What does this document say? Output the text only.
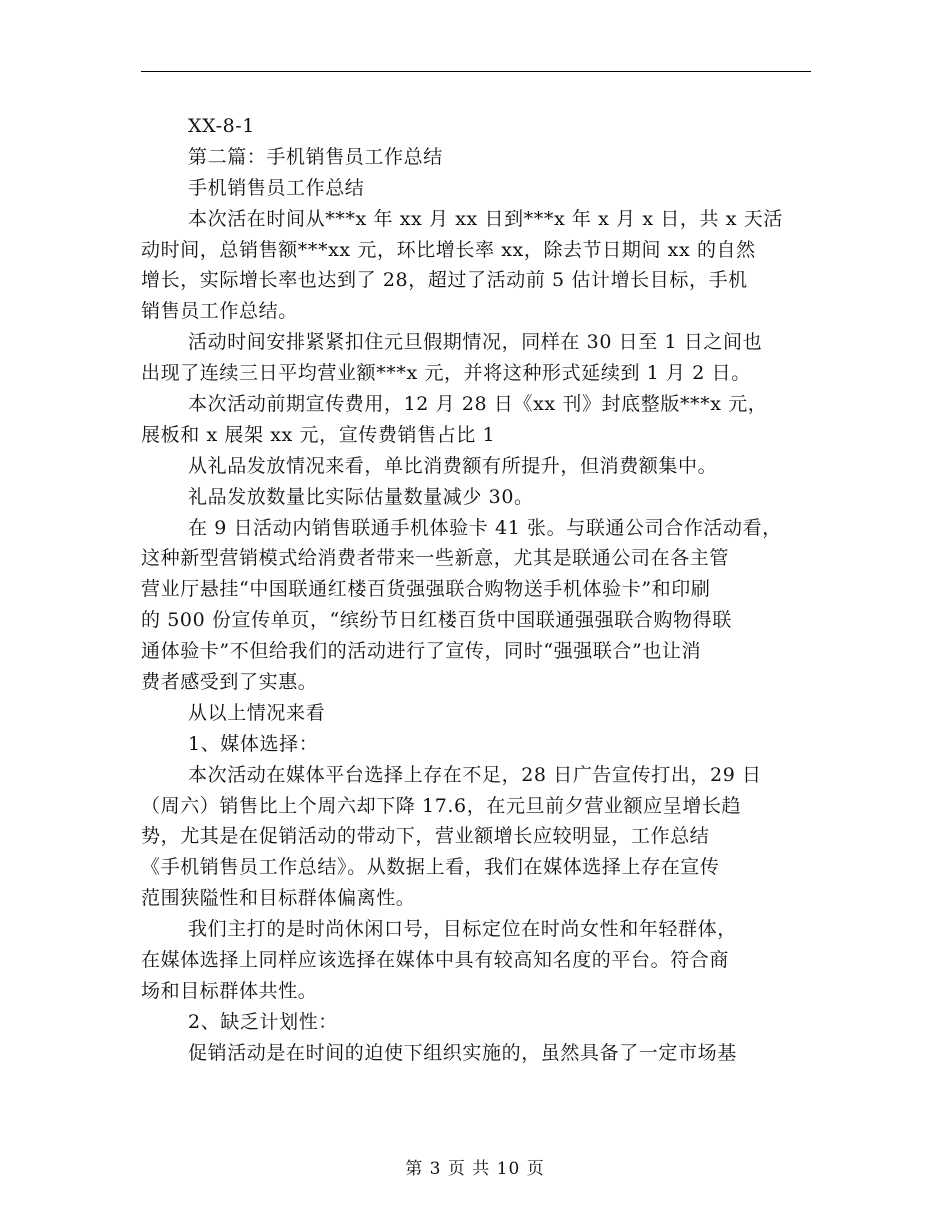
XX-8-1
第二篇：手机销售员工作总结
手机销售员工作总结
本次活在时间从***x 年 xx 月 xx 日到***x 年 x 月 x 日，共 x 天活
动时间，总销售额***xx 元，环比增长率 xx，除去节日期间 xx 的自然
增长，实际增长率也达到了 28，超过了活动前 5 估计增长目标，手机
销售员工作总结。
活动时间安排紧紧扣住元旦假期情况，同样在 30 日至 1 日之间也
出现了连续三日平均营业额***x 元，并将这种形式延续到 1 月 2 日。
本次活动前期宣传费用，12 月 28 日《xx 刊》封底整版***x 元，
展板和 x 展架 xx 元，宣传费销售占比 1
从礼品发放情况来看，单比消费额有所提升，但消费额集中。
礼品发放数量比实际估量数量减少 30。
在 9 日活动内销售联通手机体验卡 41 张。与联通公司合作活动看，
这种新型营销模式给消费者带来一些新意，尤其是联通公司在各主管
营业厅悬挂“中国联通红楼百货强强联合购物送手机体验卡”和印刷
的 500 份宣传单页，“缤纷节日红楼百货中国联通强强联合购物得联
通体验卡”不但给我们的活动进行了宣传，同时“强强联合”也让消
费者感受到了实惠。
从以上情况来看
1、媒体选择：
本次活动在媒体平台选择上存在不足，28 日广告宣传打出，29 日
（周六）销售比上个周六却下降 17.6，在元旦前夕营业额应呈增长趋
势，尤其是在促销活动的带动下，营业额增长应较明显，工作总结
《手机销售员工作总结》。从数据上看，我们在媒体选择上存在宣传
范围狭隘性和目标群体偏离性。
我们主打的是时尚休闲口号，目标定位在时尚女性和年轻群体，
在媒体选择上同样应该选择在媒体中具有较高知名度的平台。符合商
场和目标群体共性。
2、缺乏计划性：
促销活动是在时间的迫使下组织实施的，虽然具备了一定市场基
第 3 页 共 10 页
